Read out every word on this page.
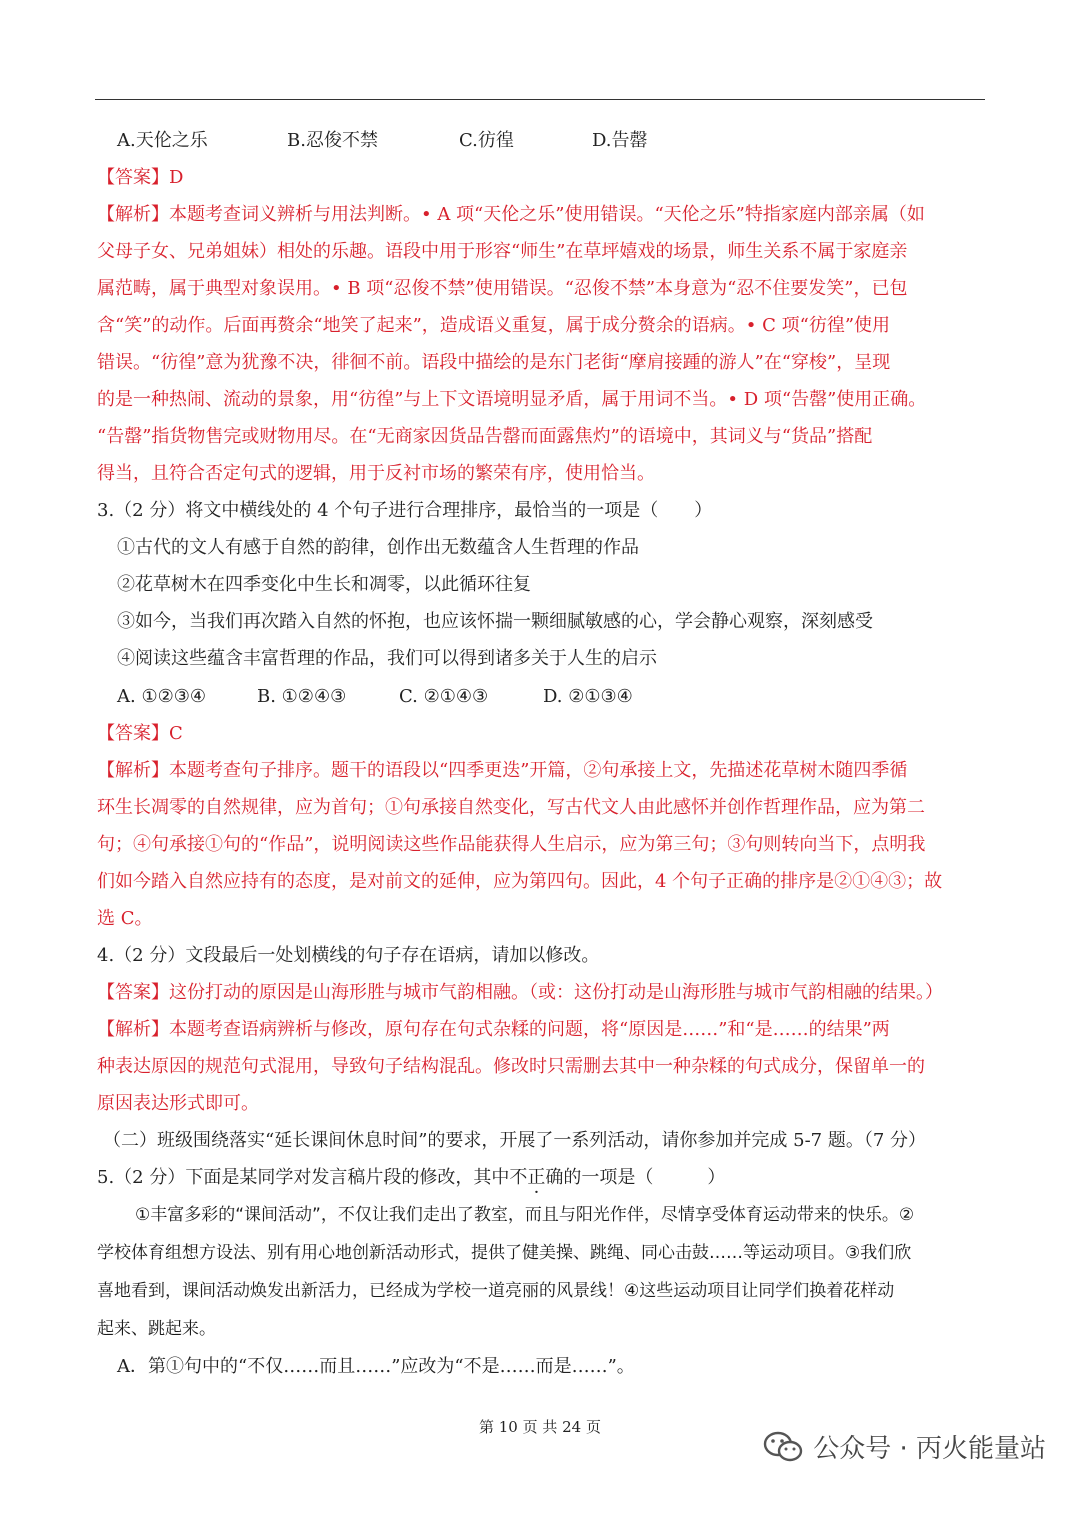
A.天伦之乐	B.忍俊不禁	C.彷徨	D.告罄
【答案】D
【解析】本题考查词义辨析与用法判断。• A 项“天伦之乐”使用错误。“天伦之乐”特指家庭内部亲属（如
父母子女、兄弟姐妹）相处的乐趣。语段中用于形容“师生”在草坪嬉戏的场景，师生关系不属于家庭亲
属范畴，属于典型对象误用。• B 项“忍俊不禁”使用错误。“忍俊不禁”本身意为“忍不住要发笑”，已包
含“笑”的动作。后面再赘余“地笑了起来”，造成语义重复，属于成分赘余的语病。• C 项“彷徨”使用
错误。“彷徨”意为犹豫不决，徘徊不前。语段中描绘的是东门老街“摩肩接踵的游人”在“穿梭”，呈现
的是一种热闹、流动的景象，用“彷徨”与上下文语境明显矛盾，属于用词不当。• D 项“告罄”使用正确。
“告罄”指货物售完或财物用尽。在“无商家因货品告罄而面露焦灼”的语境中，其词义与“货品”搭配
得当，且符合否定句式的逻辑，用于反衬市场的繁荣有序，使用恰当。
3.（2 分）将文中横线处的 4 个句子进行合理排序，最恰当的一项是（　　）
①古代的文人有感于自然的韵律，创作出无数蕴含人生哲理的作品
②花草树木在四季变化中生长和凋零，以此循环往复
③如今，当我们再次踏入自然的怀抱，也应该怀揣一颗细腻敏感的心，学会静心观察，深刻感受
④阅读这些蕴含丰富哲理的作品，我们可以得到诸多关于人生的启示
A. ①②③④	B. ①②④③	C. ②①④③	D. ②①③④
【答案】C
【解析】本题考查句子排序。题干的语段以“四季更迭”开篇，②句承接上文，先描述花草树木随四季循
环生长凋零的自然规律，应为首句；①句承接自然变化，写古代文人由此感怀并创作哲理作品，应为第二
句；④句承接①句的“作品”，说明阅读这些作品能获得人生启示，应为第三句；③句则转向当下，点明我
们如今踏入自然应持有的态度，是对前文的延伸，应为第四句。因此，4 个句子正确的排序是②①④③；故
选 C。
4.（2 分）文段最后一处划横线的句子存在语病，请加以修改。
【答案】这份打动的原因是山海形胜与城市气韵相融。（或：这份打动是山海形胜与城市气韵相融的结果。）
【解析】本题考查语病辨析与修改，原句存在句式杂糅的问题，将“原因是……”和“是……的结果”两
种表达原因的规范句式混用，导致句子结构混乱。修改时只需删去其中一种杂糅的句式成分，保留单一的
原因表达形式即可。
（二）班级围绕落实“延长课间休息时间”的要求，开展了一系列活动，请你参加并完成 5-7 题。（7 分）
5.（2 分）下面是某同学对发言稿片段的修改，其中不正确的一项是（　　　）
①丰富多彩的“课间活动”，不仅让我们走出了教室，而且与阳光作伴，尽情享受体育运动带来的快乐。②
学校体育组想方设法、别有用心地创新活动形式，提供了健美操、跳绳、同心击鼓……等运动项目。③我们欣
喜地看到，课间活动焕发出新活力，已经成为学校一道亮丽的风景线！④这些运动项目让同学们换着花样动
起来、跳起来。
A．第①句中的“不仅……而且……”应改为“不是……而是……”。
第 10 页 共 24 页
公众号 · 丙火能量站
